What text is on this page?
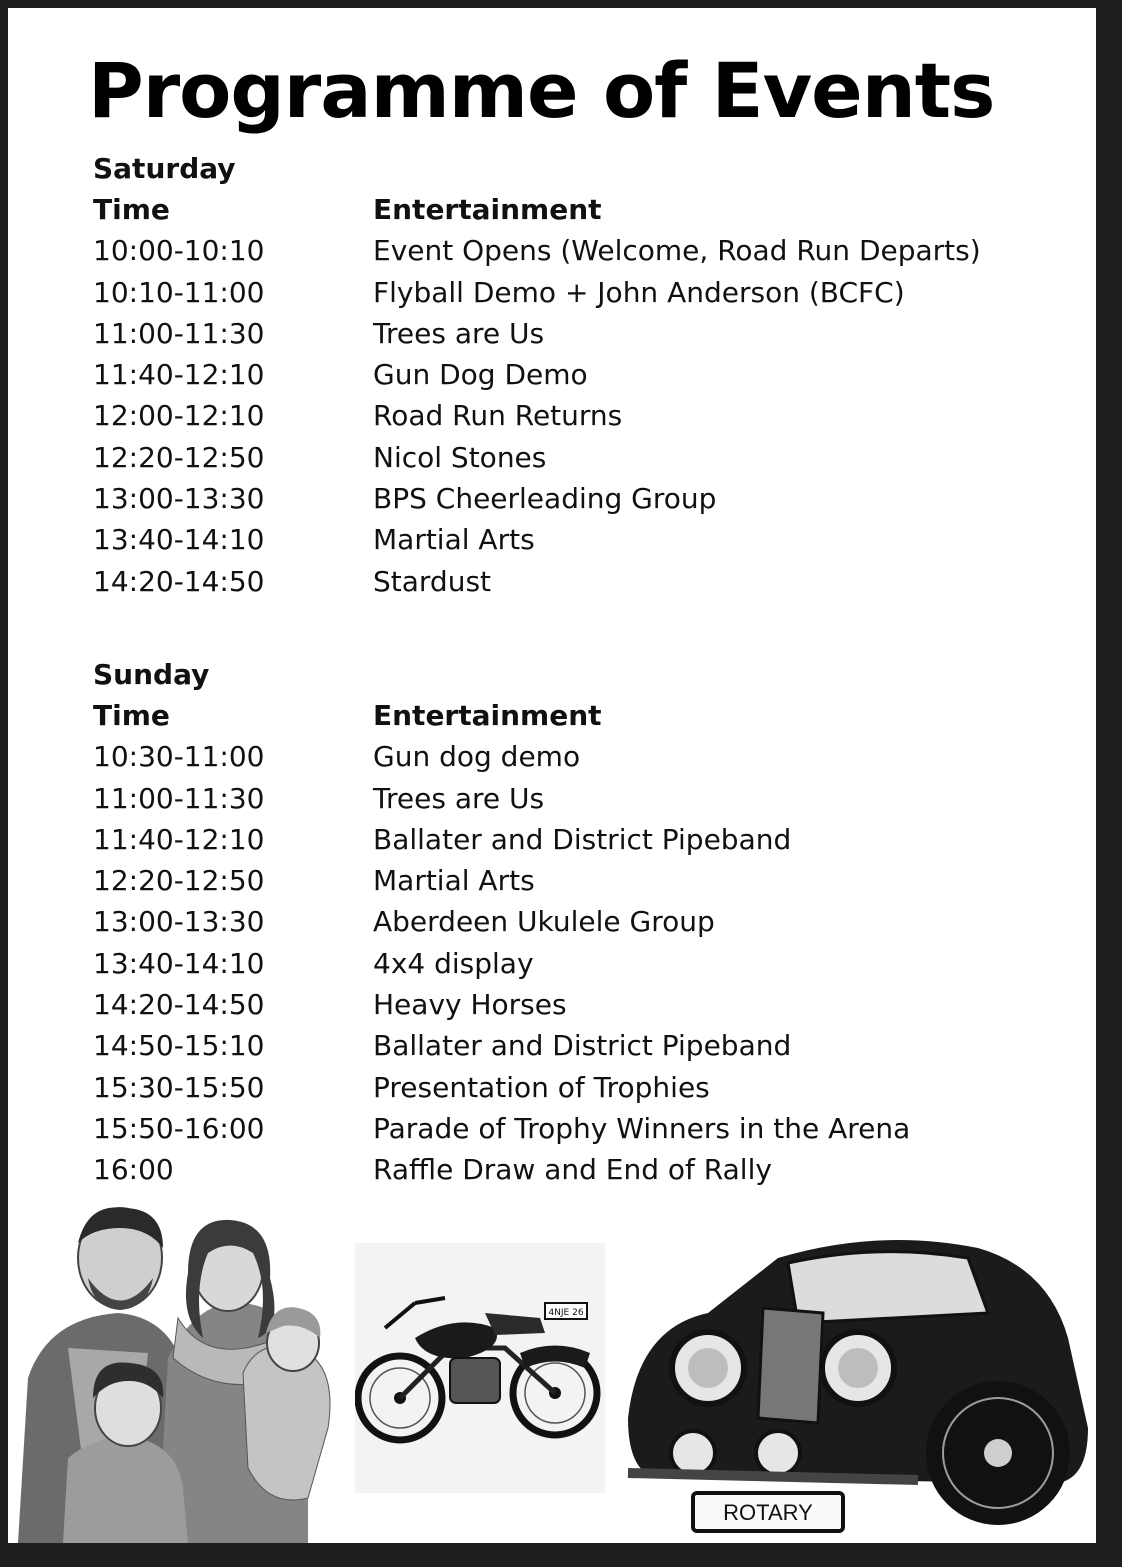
Programme of Events
Saturday
Time	Entertainment
10:00-10:10	Event Opens (Welcome, Road Run Departs)
10:10-11:00	Flyball Demo + John Anderson (BCFC)
11:00-11:30	Trees are Us
11:40-12:10	Gun Dog Demo
12:00-12:10	Road Run Returns
12:20-12:50	Nicol Stones
13:00-13:30	BPS Cheerleading Group
13:40-14:10	Martial Arts
14:20-14:50	Stardust
Sunday
Time	Entertainment
10:30-11:00	Gun dog demo
11:00-11:30	Trees are Us
11:40-12:10	Ballater and District Pipeband
12:20-12:50	Martial Arts
13:00-13:30	Aberdeen Ukulele Group
13:40-14:10	4x4 display
14:20-14:50	Heavy Horses
14:50-15:10	Ballater and District Pipeband
15:30-15:50	Presentation of Trophies
15:50-16:00	Parade of Trophy Winners in the Arena
16:00	Raffle Draw and End of Rally
4NJE 26
ROTARY
